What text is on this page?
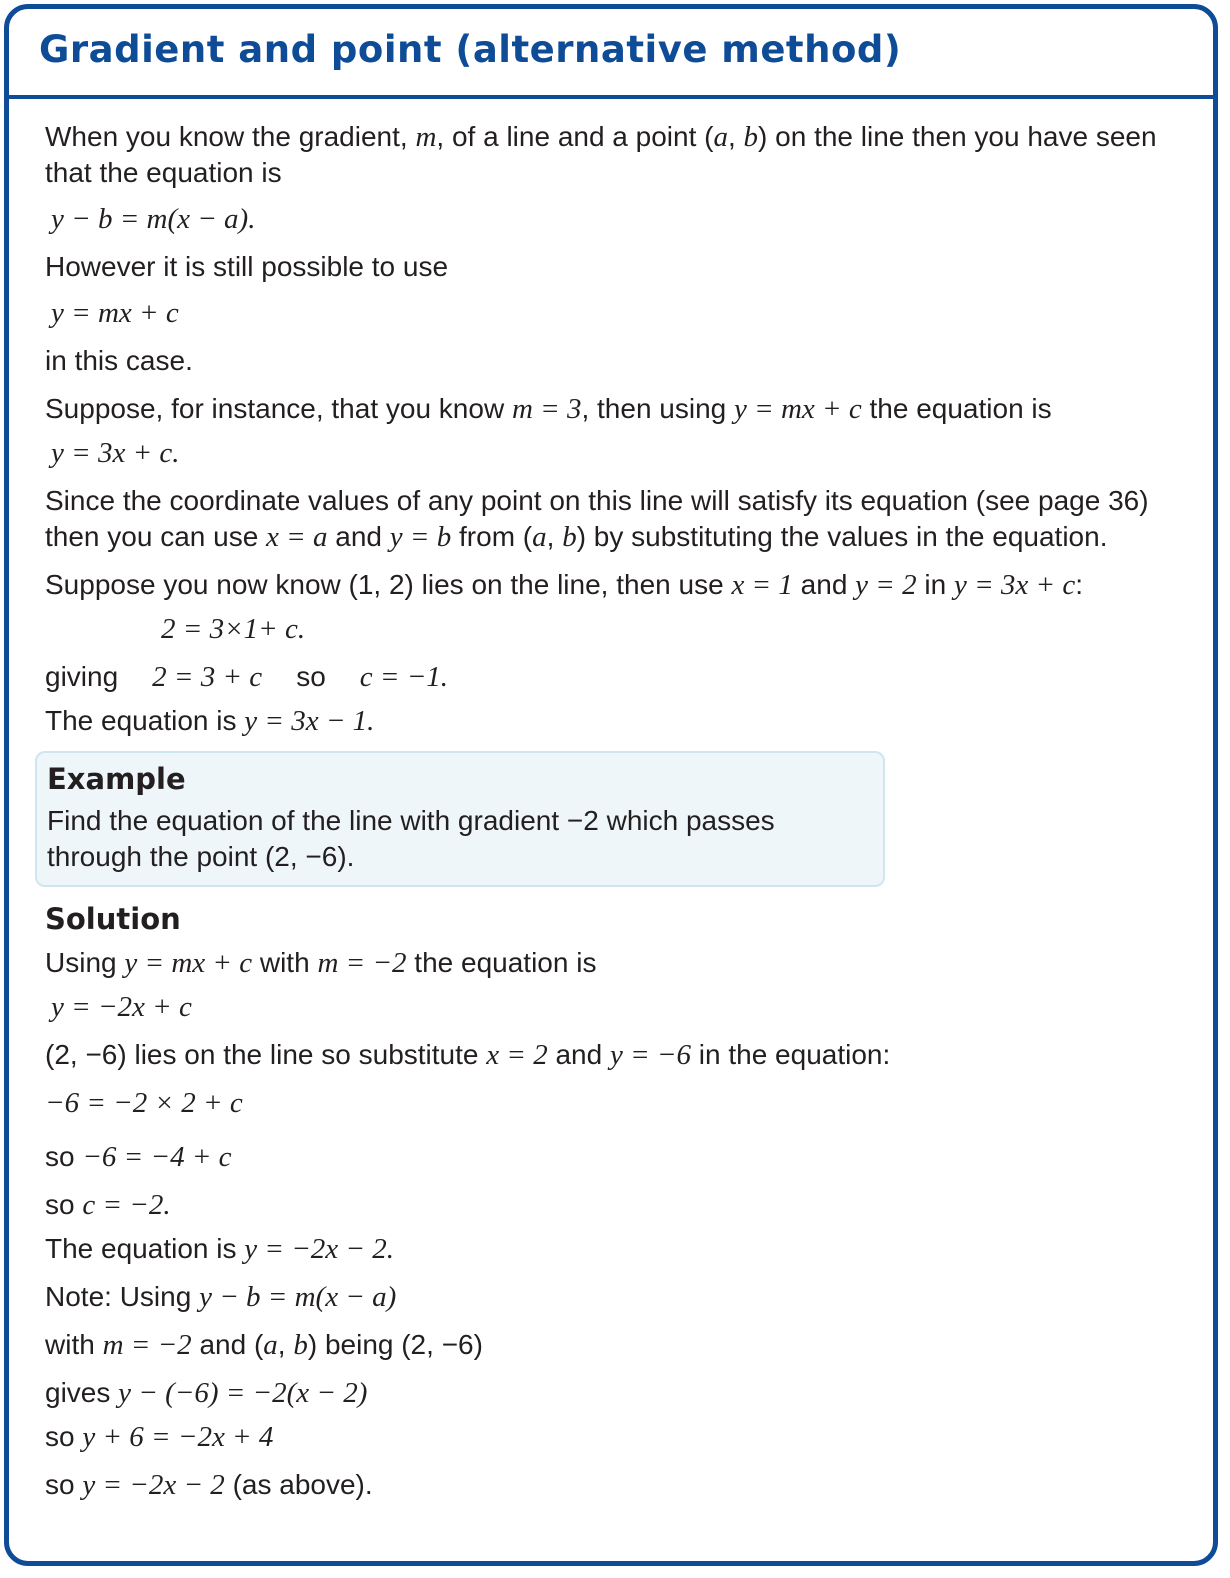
Gradient and point (alternative method)

When you know the gradient, m, of a line and a point (a, b) on the line then you have seen that the equation is

y − b = m(x − a).

However it is still possible to use

y = mx + c

in this case.

Suppose, for instance, that you know m = 3, then using y = mx + c the equation is

y = 3x + c.

Since the coordinate values of any point on this line will satisfy its equation (see page 36) then you can use x = a and y = b from (a, b) by substituting the values in the equation.

Suppose you now know (1, 2) lies on the line, then use x = 1 and y = 2 in y = 3x + c:

2 = 3×1+ c.

giving 2 = 3 + c so c = −1.

The equation is y = 3x − 1.

Example

Find the equation of the line with gradient −2 which passes through the point (2, −6).

Solution

Using y = mx + c with m = −2 the equation is

y = −2x + c

(2, −6) lies on the line so substitute x = 2 and y = −6 in the equation:

−6 = −2 × 2 + c

so −6 = −4 + c

so c = −2.

The equation is y = −2x − 2.

Note: Using y − b = m(x − a)

with m = −2 and (a, b) being (2, −6)

gives y − (−6) = −2(x − 2)

so y + 6 = −2x + 4

so y = −2x − 2 (as above).
